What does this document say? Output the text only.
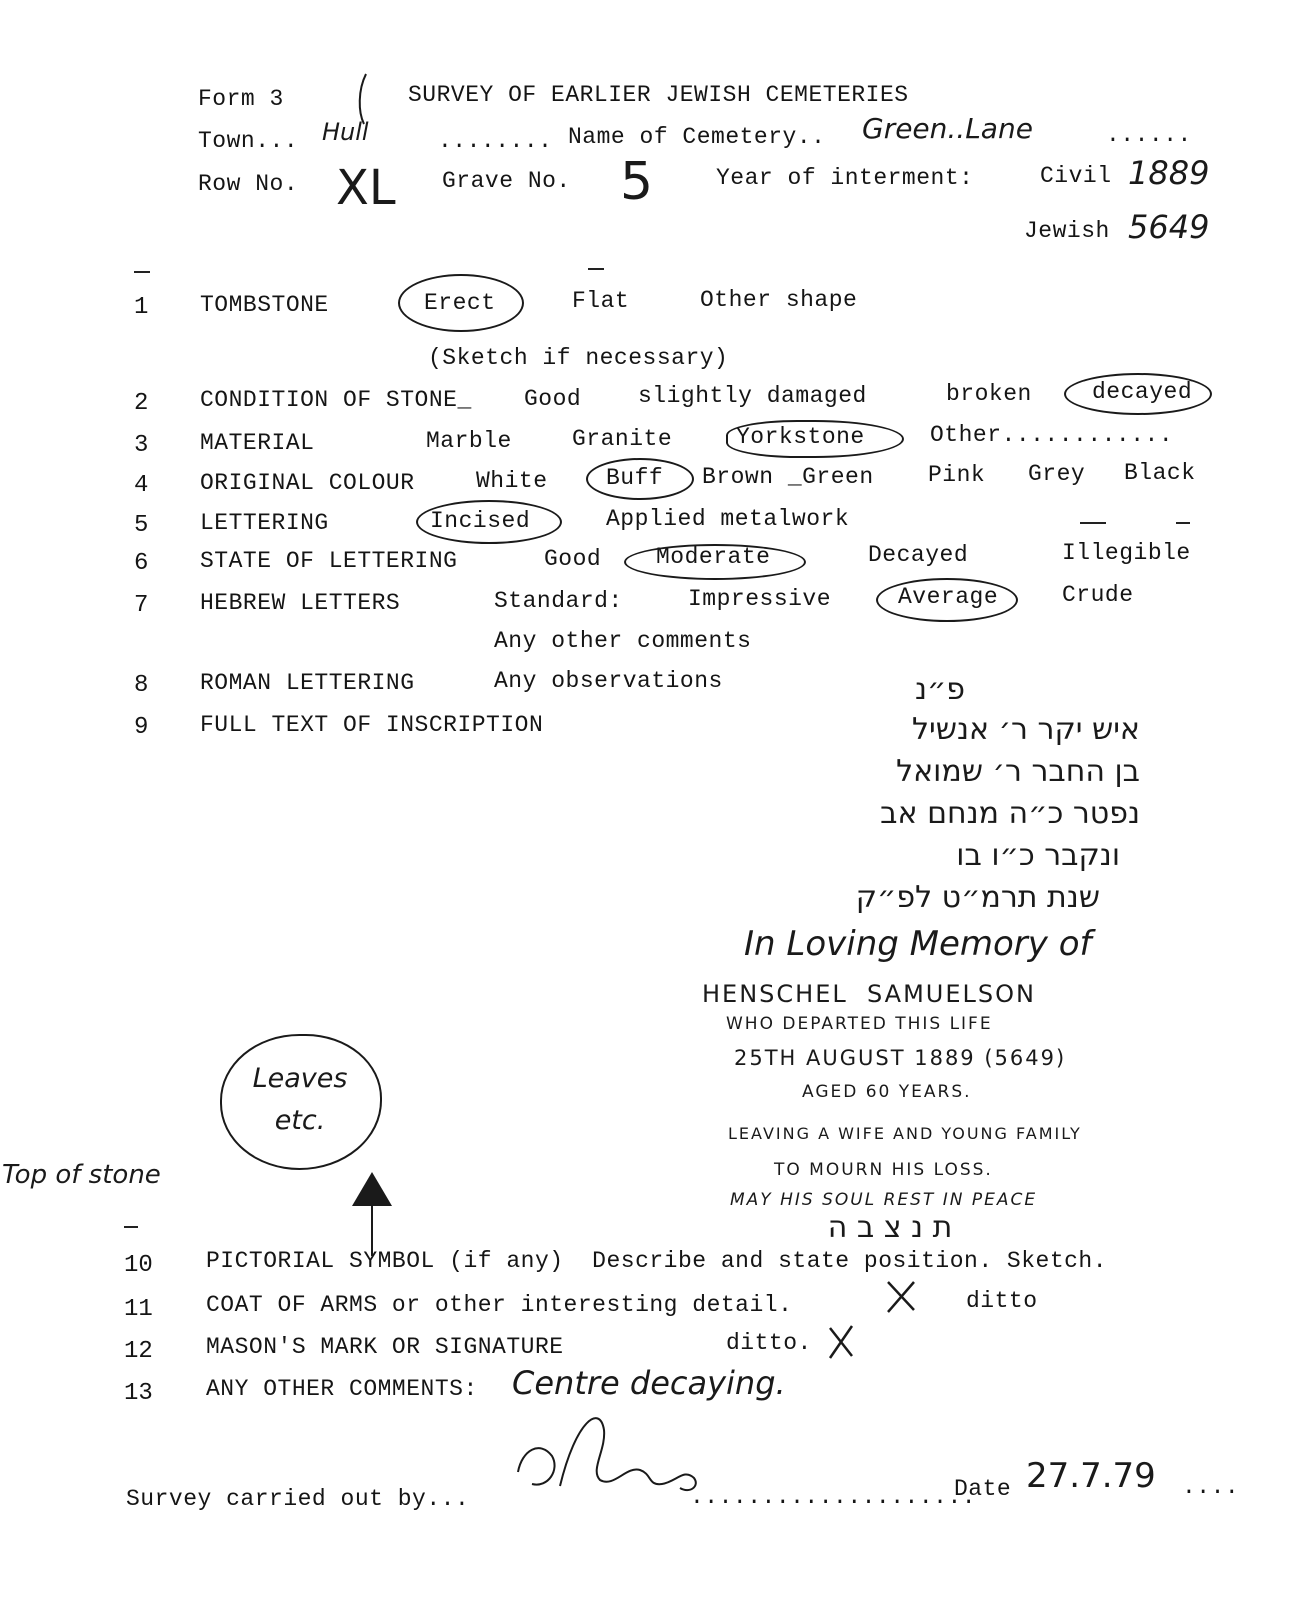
Form 3	SURVEY OF EARLIER JEWISH CEMETERIES
Town... Hull	........ Name of Cemetery.. Green..Lane	......
Row No. XL Grave No. 5	Year of interment:	Civil 1889
Jewish 5649
1 TOMBSTONE	Erect	Flat	Other shape
(Sketch if necessary)
2 CONDITION OF STONE_ Good slightly damaged	broken	decayed
3 MATERIAL	Marble	Granite	Yorkstone	Other............
4 ORIGINAL COLOUR	White	Buff Brown _Green Pink Grey Black
5 LETTERING	Incised	Applied metalwork
6 STATE OF LETTERING	Good Moderate	Decayed	Illegible
7 HEBREW LETTERS	Standard:	Impressive	Average	Crude
Any other comments
8 ROMAN LETTERING	Any observations
9 FULL TEXT OF INSCRIPTION
פ״נ
איש יקר ר׳ אנשיל
בן החבר ר׳ שמואל
נפטר כ״ה מנחם אב
ונקבר כ״ו בו
שנת תרמ״ט לפ״ק
In Loving Memory of
HENSCHEL  SAMUELSON
WHO DEPARTED THIS LIFE
25TH AUGUST 1889 (5649)
AGED 60 YEARS.
LEAVING A WIFE AND YOUNG FAMILY
TO MOURN HIS LOSS.
MAY HIS SOUL REST IN PEACE
ת נ צ ב ה
Leaves etc.
Top of stone
10 PICTORIAL SYMBOL (if any)  Describe and state position. Sketch.
11 COAT OF ARMS or other interesting detail.	ditto
12 MASON'S MARK OR SIGNATURE	ditto.
13 ANY OTHER COMMENTS: Centre decaying.
Survey carried out by...	....................
Date 27.7.79 ....
